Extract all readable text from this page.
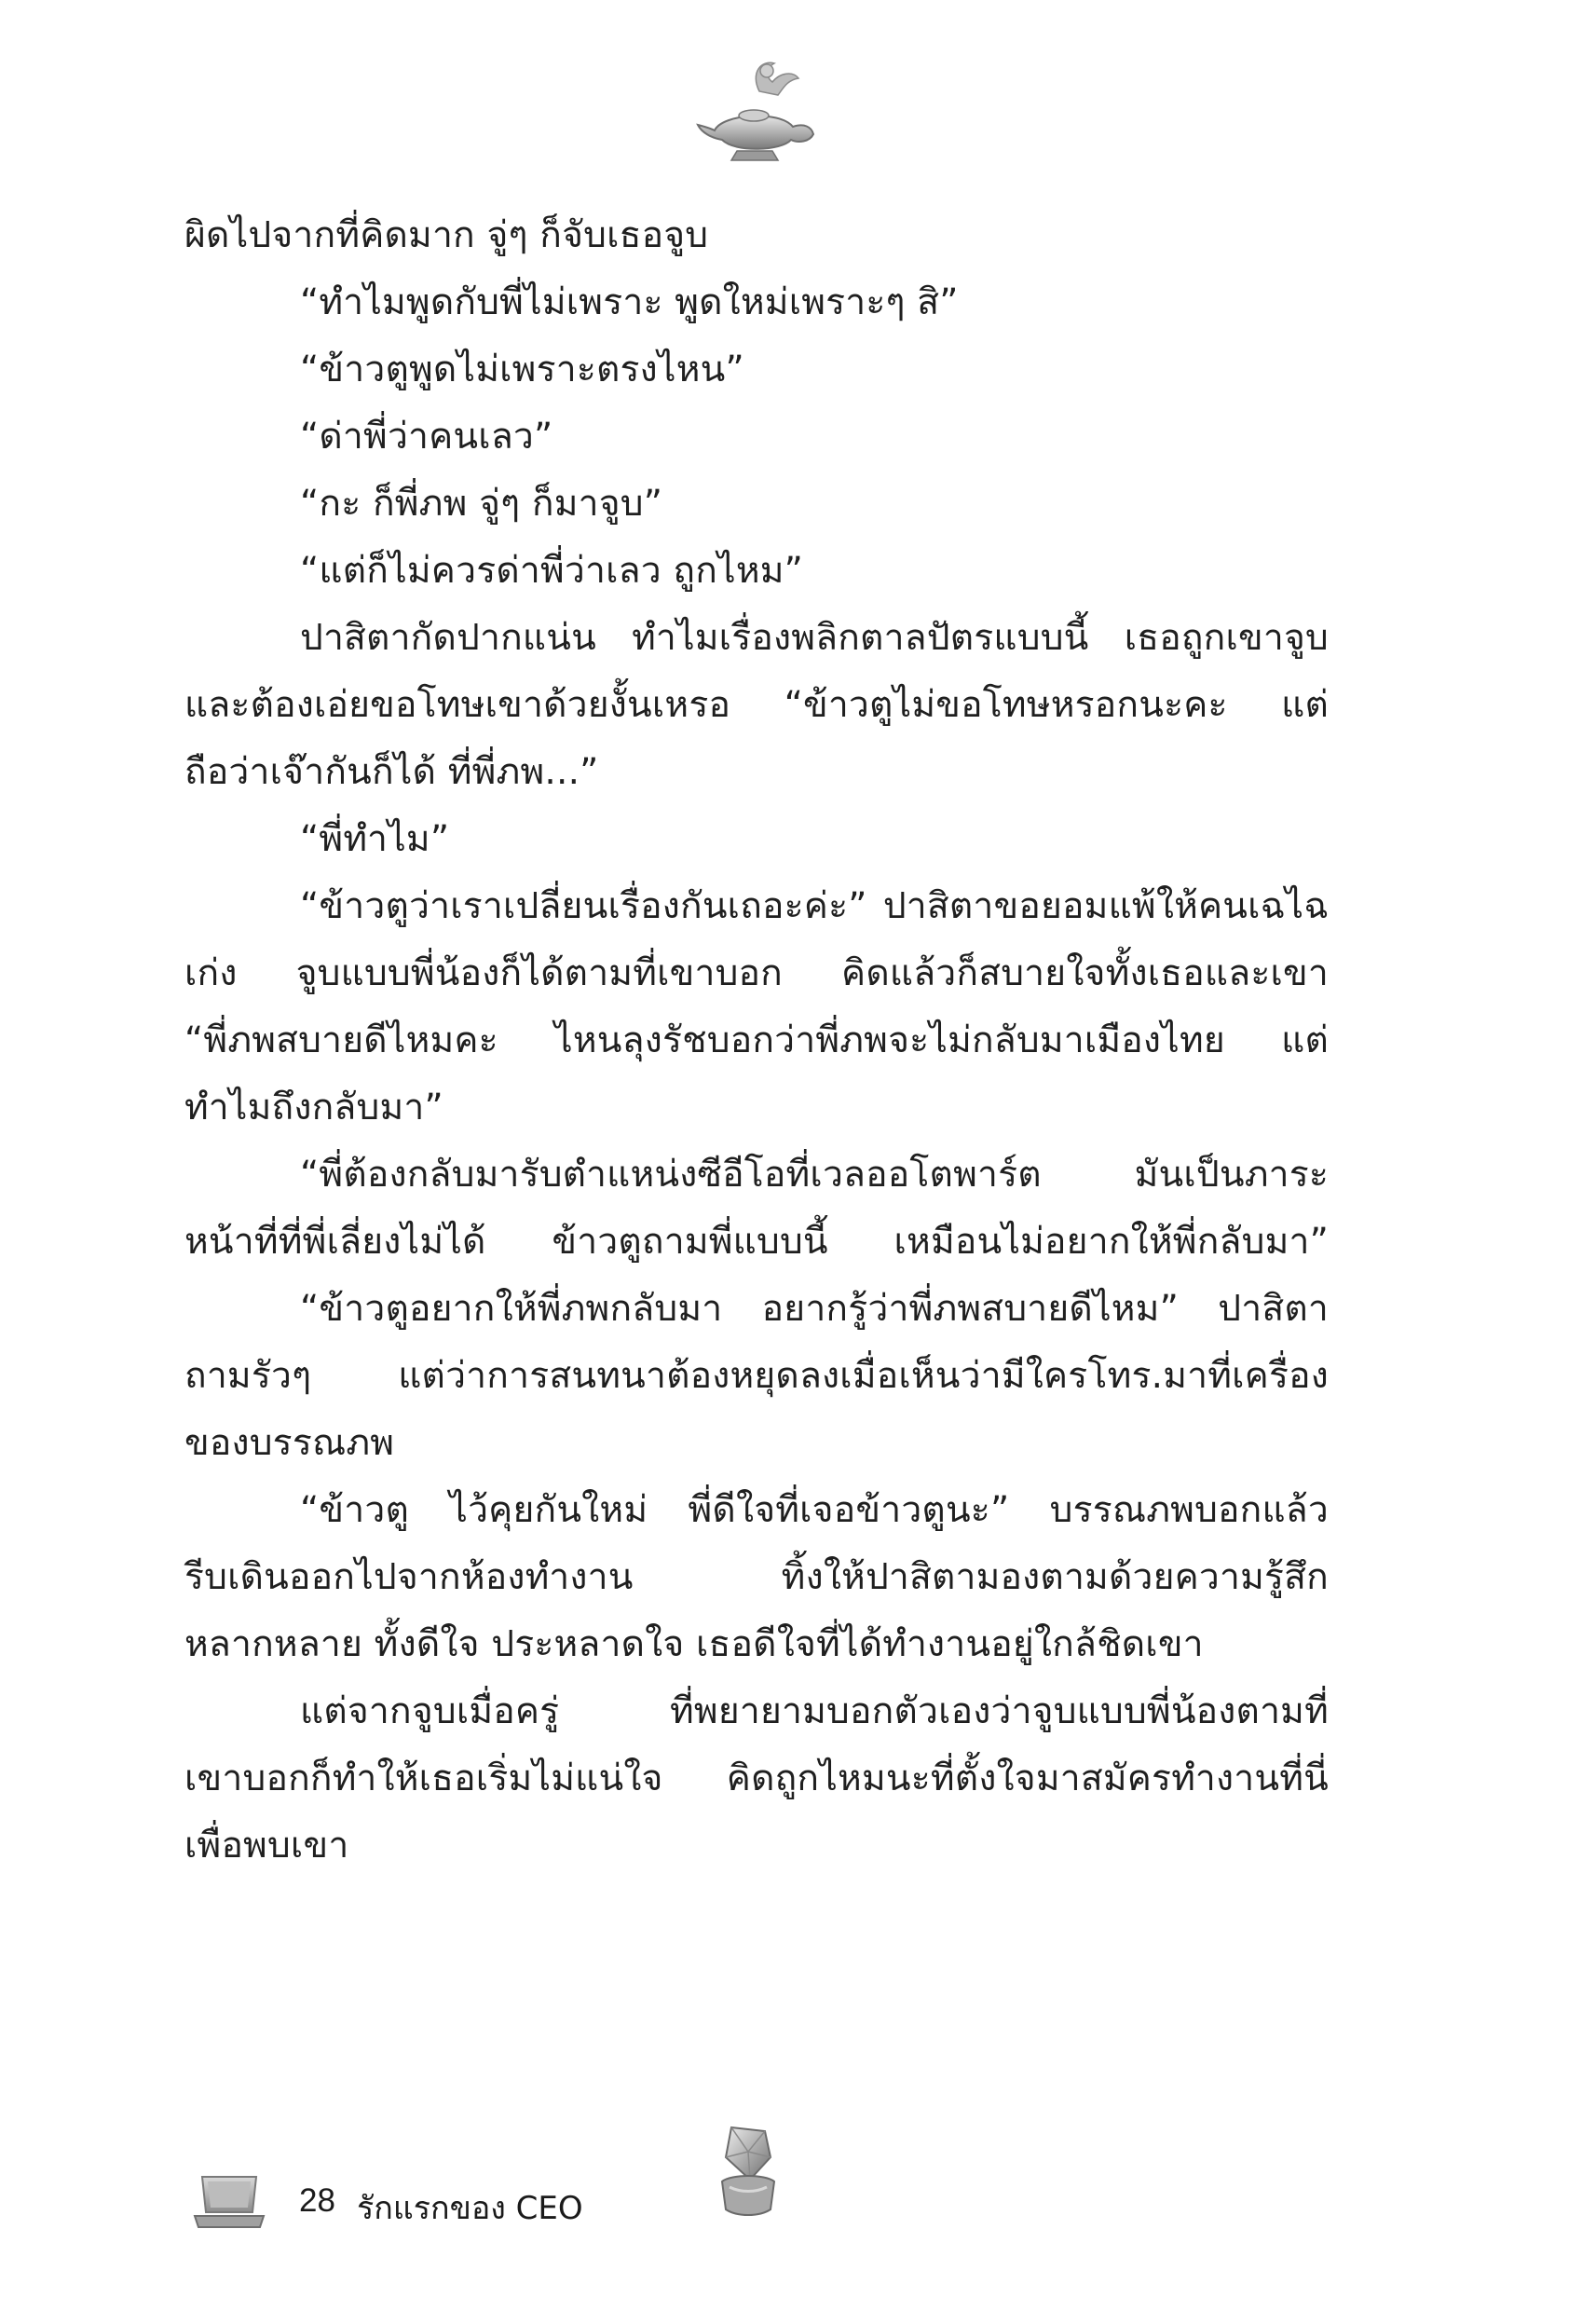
ผิดไปจากที่คิดมาก จู่ๆ ก็จับเธอจูบ
“ทำไมพูดกับพี่ไม่เพราะ พูดใหม่เพราะๆ สิ”
“ข้าวตูพูดไม่เพราะตรงไหน”
“ด่าพี่ว่าคนเลว”
“กะ ก็พี่ภพ จู่ๆ ก็มาจูบ”
“แต่ก็ไม่ควรด่าพี่ว่าเลว ถูกไหม”
ปาสิตากัดปากแน่น ทำไมเรื่องพลิกตาลปัตรแบบนี้ เธอถูกเขาจูบ
และต้องเอ่ยขอโทษเขาด้วยงั้นเหรอ “ข้าวตูไม่ขอโทษหรอกนะคะ แต่
ถือว่าเจ๊ากันก็ได้ ที่พี่ภพ...”
“พี่ทำไม”
“ข้าวตูว่าเราเปลี่ยนเรื่องกันเถอะค่ะ” ปาสิตาขอยอมแพ้ให้คนเฉไฉ
เก่ง จูบแบบพี่น้องก็ได้ตามที่เขาบอก คิดแล้วก็สบายใจทั้งเธอและเขา
“พี่ภพสบายดีไหมคะ ไหนลุงรัชบอกว่าพี่ภพจะไม่กลับมาเมืองไทย แต่
ทำไมถึงกลับมา”
“พี่ต้องกลับมารับตำแหน่งซีอีโอที่เวลออโตพาร์ต มันเป็นภาระ
หน้าที่ที่พี่เลี่ยงไม่ได้ ข้าวตูถามพี่แบบนี้ เหมือนไม่อยากให้พี่กลับมา”
“ข้าวตูอยากให้พี่ภพกลับมา อยากรู้ว่าพี่ภพสบายดีไหม” ปาสิตา
ถามรัวๆ แต่ว่าการสนทนาต้องหยุดลงเมื่อเห็นว่ามีใครโทร.มาที่เครื่อง
ของบรรณภพ
“ข้าวตู ไว้คุยกันใหม่ พี่ดีใจที่เจอข้าวตูนะ” บรรณภพบอกแล้ว
รีบเดินออกไปจากห้องทำงาน ทิ้งให้ปาสิตามองตามด้วยความรู้สึก
หลากหลาย ทั้งดีใจ ประหลาดใจ เธอดีใจที่ได้ทำงานอยู่ใกล้ชิดเขา
แต่จากจูบเมื่อครู่ ที่พยายามบอกตัวเองว่าจูบแบบพี่น้องตามที่
เขาบอกก็ทำให้เธอเริ่มไม่แน่ใจ คิดถูกไหมนะที่ตั้งใจมาสมัครทำงานที่นี่
เพื่อพบเขา
28 รักแรกของ CEO
